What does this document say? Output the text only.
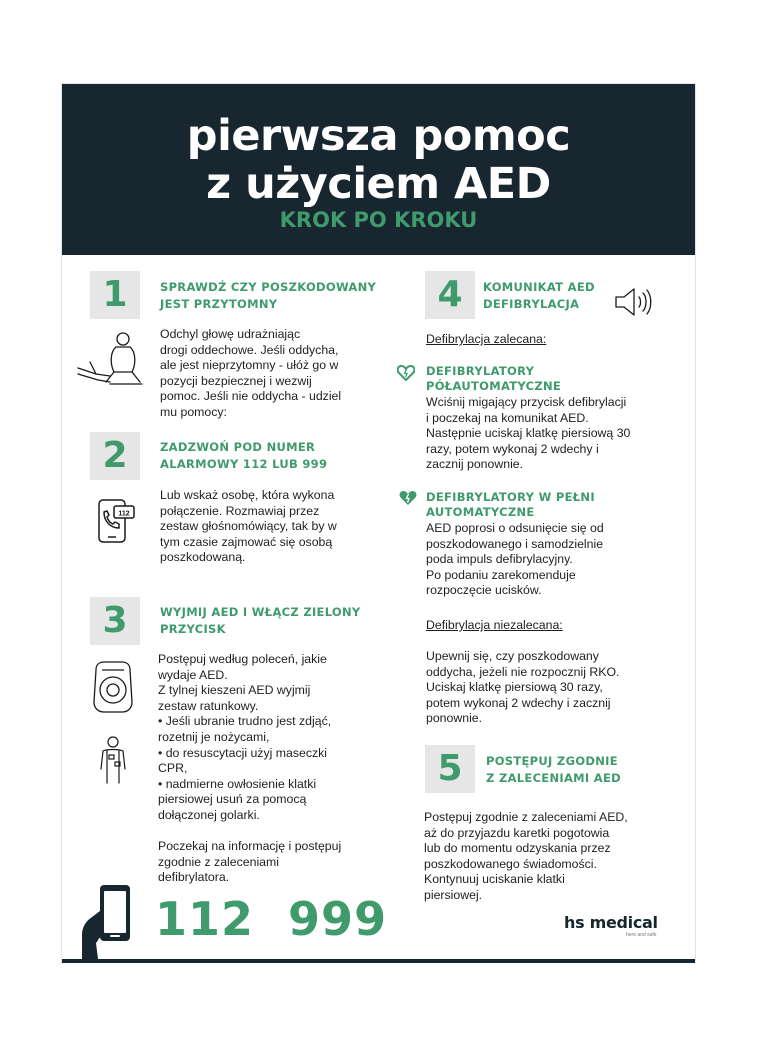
pierwsza pomoc
z użyciem AED
KROK PO KROKU
1	SPRAWDŹ CZY POSZKODOWANY
JEST PRZYTOMNY
Odchyl głowę udrażniając
drogi oddechowe. Jeśli oddycha,
ale jest nieprzytomny - ułóż go w
pozycji bezpiecznej i wezwij
pomoc. Jeśli nie oddycha - udziel
mu pomocy:
2	ZADZWOŃ POD NUMER
ALARMOWY 112 LUB 999
112
Lub wskaż osobę, która wykona
połączenie. Rozmawiaj przez
zestaw głośnomówiący, tak by w
tym czasie zajmować się osobą
poszkodowaną.
3	WYJMIJ AED I WŁĄCZ ZIELONY
PRZYCISK
Postępuj według poleceń, jakie
wydaje AED.
Z tylnej kieszeni AED wyjmij
zestaw ratunkowy.
• Jeśli ubranie trudno jest zdjąć,
rozetnij je nożycami,
• do resuscytacji użyj maseczki
CPR,
• nadmierne owłosienie klatki
piersiowej usuń za pomocą
dołączonej golarki.

Poczekaj na informację i postępuj
zgodnie z zaleceniami
defibrylatora.
4	KOMUNIKAT AED
DEFIBRYLACJA
Defibrylacja zalecana:
DEFIBRYLATORY
PÓŁAUTOMATYCZNE
Wciśnij migający przycisk defibrylacji
i poczekaj na komunikat AED.
Następnie uciskaj klatkę piersiową 30
razy, potem wykonaj 2 wdechy i
zacznij ponownie.
DEFIBRYLATORY W PEŁNI
AUTOMATYCZNE
AED poprosi o odsunięcie się od
poszkodowanego i samodzielnie
poda impuls defibrylacyjny.
Po podaniu zarekomenduje
rozpoczęcie ucisków.
Defibrylacja niezalecana:
Upewnij się, czy poszkodowany
oddycha, jeżeli nie rozpocznij RKO.
Uciskaj klatkę piersiową 30 razy,
potem wykonaj 2 wdechy i zacznij
ponownie.
5	POSTĘPUJ ZGODNIE
Z ZALECENIAMI AED
Postępuj zgodnie z zaleceniami AED,
aż do przyjazdu karetki pogotowia
lub do momentu odzyskania przez
poszkodowanego świadomości.
Kontynuuj uciskanie klatki
piersiowej.
112  999	hs medical
here and safe
